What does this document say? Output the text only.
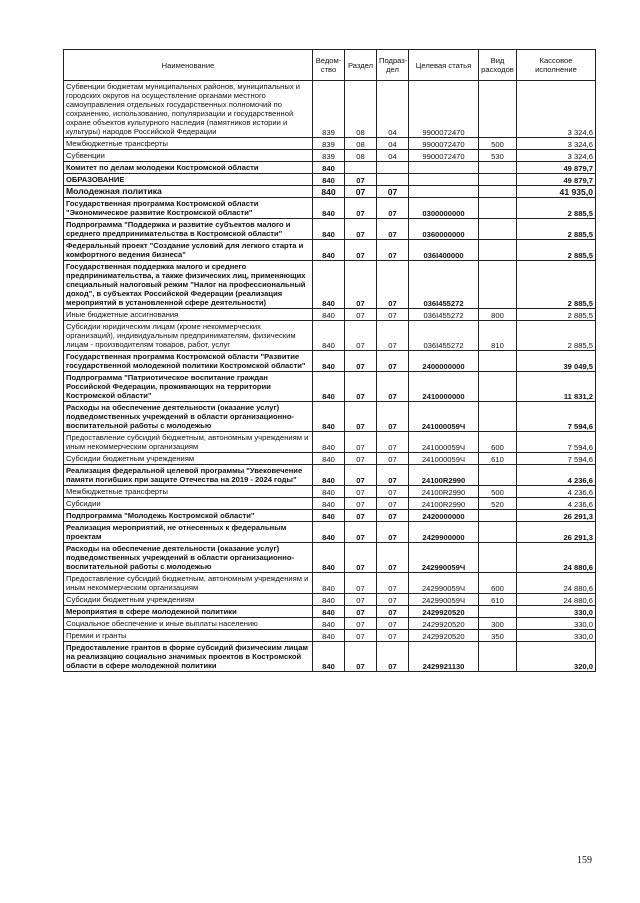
Наименование	Ведом-ство	Раздел	Подраз-дел	Целевая статья	Вид расходов	Кассовое исполнение
Субвенции бюджетам муниципальных районов, муниципальных и городских округов на осуществление органами местного самоуправления отдельных государственных полномочий по сохранению, использованию, популяризации и государственной охране объектов культурного наследия (памятников истории и культуры) народов Российской Федерации	839	08	04	9900072470		3 324,6
Межбюджетные трансферты	839	08	04	9900072470	500	3 324,6
Субвенции	839	08	04	9900072470	530	3 324,6
Комитет по делам молодежи Костромской области	840					49 879,7
ОБРАЗОВАНИЕ	840	07				49 879,7
Молодежная политика	840	07	07			41 935,0
Государственная программа Костромской области "Экономическое развитие Костромской области"	840	07	07	0300000000		2 885,5
Подпрограмма "Поддержка и развитие субъектов малого и среднего предпринимательства в Костромской области"	840	07	07	0360000000		2 885,5
Федеральный проект "Создание условий для легкого старта и комфортного ведения бизнеса"	840	07	07	036I400000		2 885,5
Государственная поддержка малого и среднего предпринимательства, а также физических лиц, применяющих специальный налоговый режим "Налог на профессиональный доход", в субъектах Российской Федерации (реализация мероприятий в установленной сфере деятельности)	840	07	07	036I455272		2 885,5
Иные бюджетные ассигнования	840	07	07	036I455272	800	2 885,5
Субсидии юридическим лицам (кроме некоммерческих организаций), индивидуальным предпринимателям, физическим лицам - производителям товаров, работ, услуг	840	07	07	036I455272	810	2 885,5
Государственная программа Костромской области "Развитие государственной молодежной политики Костромской области"	840	07	07	2400000000		39 049,5
Подпрограмма "Патриотическое воспитание граждан Российской Федерации, проживающих на территории Костромской области"	840	07	07	2410000000		11 831,2
Расходы на обеспечение деятельности (оказание услуг) подведомственных учреждений в области организационно-воспитательной работы с молодежью	840	07	07	241000059Ч		7 594,6
Предоставление субсидий бюджетным, автономным учреждениям и иным некоммерческим организациям	840	07	07	241000059Ч	600	7 594,6
Субсидии бюджетным учреждениям	840	07	07	241000059Ч	610	7 594,6
Реализация федеральной целевой программы "Увековечение памяти погибших при защите Отечества на 2019 - 2024 годы"	840	07	07	24100R2990		4 236,6
Межбюджетные трансферты	840	07	07	24100R2990	500	4 236,6
Субсидии	840	07	07	24100R2990	520	4 236,6
Подпрограмма "Молодежь Костромской области"	840	07	07	2420000000		26 291,3
Реализация мероприятий, не отнесенных к федеральным проектам	840	07	07	2429900000		26 291,3
Расходы на обеспечение деятельности (оказание услуг) подведомственных учреждений в области организационно-воспитательной работы с молодежью	840	07	07	242990059Ч		24 880,6
Предоставление субсидий бюджетным, автономным учреждениям и иным некоммерческим организациям	840	07	07	242990059Ч	600	24 880,6
Субсидии бюджетным учреждениям	840	07	07	242990059Ч	610	24 880,6
Мероприятия в сфере молодежной политики	840	07	07	2429920520		330,0
Социальное обеспечение и иные выплаты населению	840	07	07	2429920520	300	330,0
Премии и гранты	840	07	07	2429920520	350	330,0
Предоставление грантов в форме субсидий физическим лицам на реализацию социально значимых проектов в Костромской области в сфере молодежной политики	840	07	07	2429921130		320,0
159
